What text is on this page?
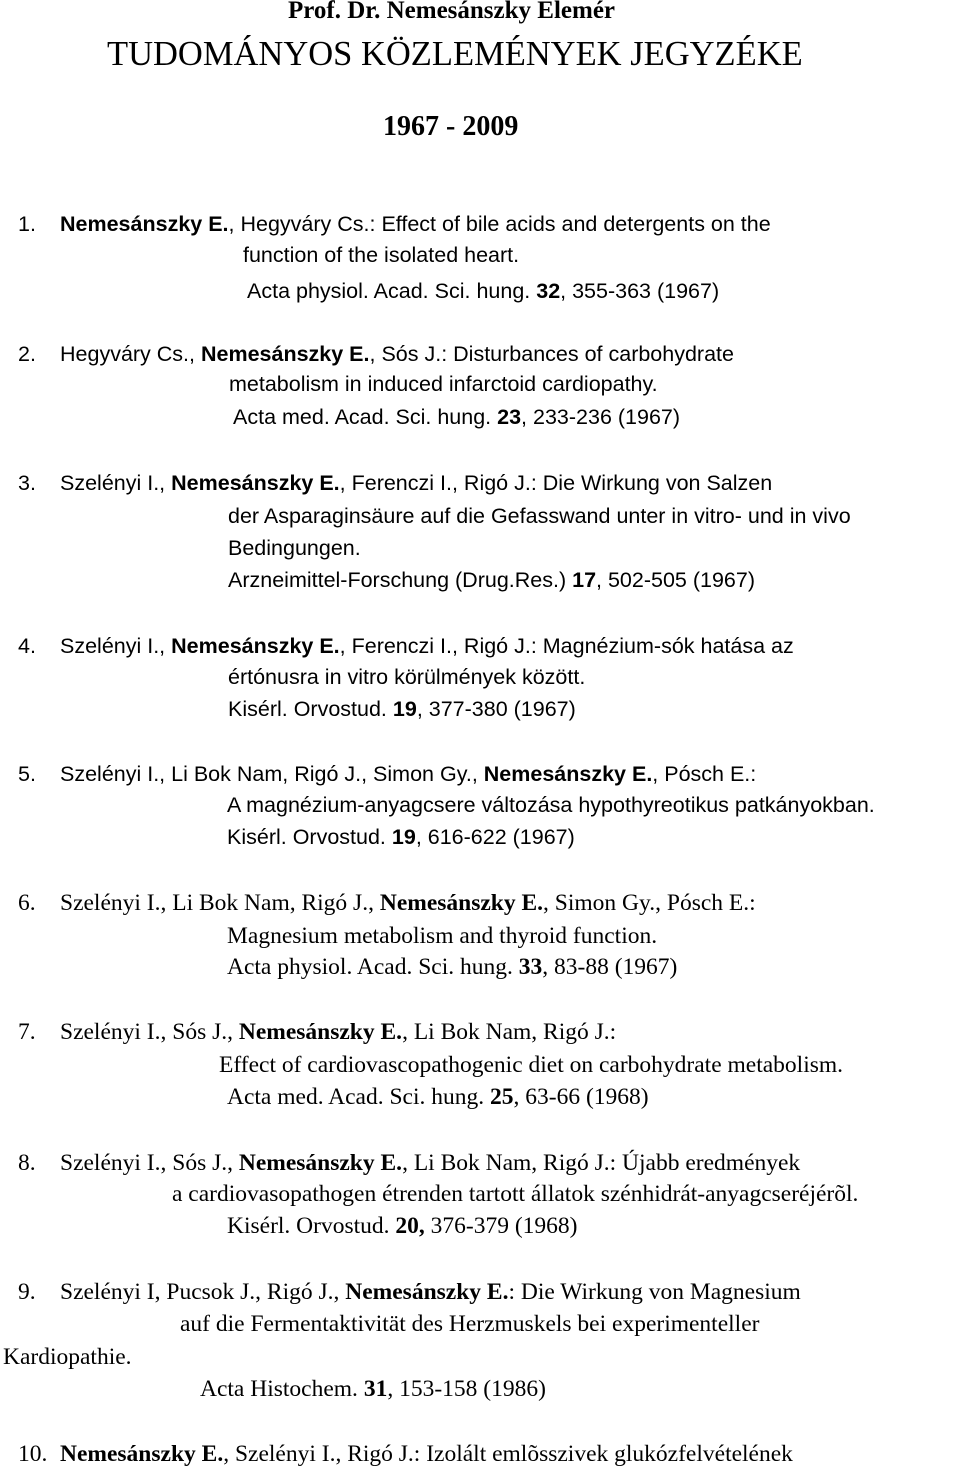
Prof. Dr. Nemesánszky Elemér
TUDOMÁNYOS KÖZLEMÉNYEK JEGYZÉKE
1967 - 2009
1. Nemesánszky E., Hegyváry Cs.: Effect of bile acids and detergents on the
function of the isolated heart.
Acta physiol. Acad. Sci. hung. 32, 355-363 (1967)
2. Hegyváry Cs., Nemesánszky E., Sós J.: Disturbances of carbohydrate
metabolism in induced infarctoid cardiopathy.
Acta med. Acad. Sci. hung. 23, 233-236 (1967)
3. Szelényi I., Nemesánszky E., Ferenczi I., Rigó J.: Die Wirkung von Salzen
der Asparaginsäure auf die Gefasswand unter in vitro- und in vivo
Bedingungen.
Arzneimittel-Forschung (Drug.Res.) 17, 502-505 (1967)
4. Szelényi I., Nemesánszky E., Ferenczi I., Rigó J.: Magnézium-sók hatása az
értónusra in vitro körülmények között.
Kisérl. Orvostud. 19, 377-380 (1967)
5. Szelényi I., Li Bok Nam, Rigó J., Simon Gy., Nemesánszky E., Pósch E.:
A magnézium-anyagcsere változása hypothyreotikus patkányokban.
Kisérl. Orvostud. 19, 616-622 (1967)
6. Szelényi I., Li Bok Nam, Rigó J., Nemesánszky E., Simon Gy., Pósch E.:
Magnesium metabolism and thyroid function.
Acta physiol. Acad. Sci. hung. 33, 83-88 (1967)
7. Szelényi I., Sós J., Nemesánszky E., Li Bok Nam, Rigó J.:
Effect of cardiovascopathogenic diet on carbohydrate metabolism.
Acta med. Acad. Sci. hung. 25, 63-66 (1968)
8. Szelényi I., Sós J., Nemesánszky E., Li Bok Nam, Rigó J.: Újabb eredmények
a cardiovasopathogen étrenden tartott állatok szénhidrát-anyagcseréjérõl.
Kisérl. Orvostud. 20, 376-379 (1968)
9. Szelényi I, Pucsok J., Rigó J., Nemesánszky E.: Die Wirkung von Magnesium
auf die Fermentaktivität des Herzmuskels bei experimenteller
Kardiopathie.
Acta Histochem. 31, 153-158 (1986)
10. Nemesánszky E., Szelényi I., Rigó J.: Izolált emlõsszivek glukózfelvételének
